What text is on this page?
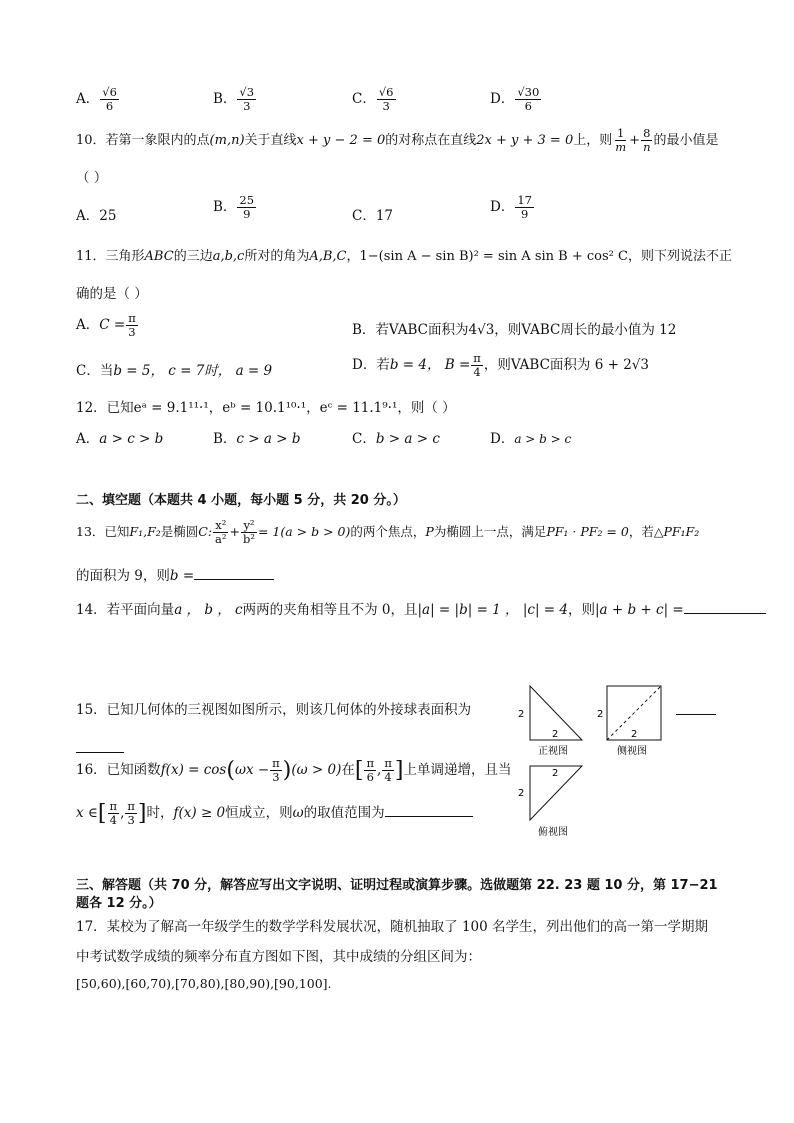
A． $\frac{√6}{6}$	B． $\frac{√3}{3}$	C． $\frac{√6}{3}$	D． $\frac{√30}{6}$
10．若第一象限内的点(m,n)关于直线x + y − 2 = 0的对称点在直线2x + y + 3 = 0上，则 $\frac{1}{m} + \frac{8}{n}$ 的最小值是
（ ）
A．25
B． $\frac{25}{9}$	C．17
D． $\frac{17}{9}$
11．三角形ABC的三边a,b,c所对的角为A,B,C，1−(sin A − sin B)² = sin A sin B + cos² C，则下列说法不正
确的是（ ）
A．$C = \frac{\pi}{3}$	B．若VABC面积为4√3，则VABC周长的最小值为 12
C．当b = 5， c = 7时， a = 9	D．若b = 4， $B = \frac{\pi}{4}$ ，则VABC面积为 6 + 2√3
12．已知eᵃ = 9.1¹¹·¹，eᵇ = 10.1¹⁰·¹，eᶜ = 11.1⁹·¹，则（ ）
A．a > c > b	B．c > a > b	C．b > a > c	D．a > b > c
二、填空题（本题共 4 小题，每小题 5 分，共 20 分。）
13．已知F₁,F₂是椭圆C: $\frac{\text{x²}}{\text{a²}} + \frac{\text{y²}}{\text{b²}} = 1(a > b > 0)$的两个焦点，P为椭圆上一点，满足PF₁ · PF₂ = 0，若△PF₁F₂
的面积为 9，则b =
14．若平面向量a ， b ， c两两的夹角相等且不为 0，且|a| = |b| = 1 ， |c| = 4，则|a + b + c| =
15．已知几何体的三视图如图所示，则该几何体的外接球表面积为
16．已知函数$f(x) = \cos(\omega x - \frac{\pi}{3} )(\omega > 0)$在[ $\frac{\pi}{6}$ , $\frac{\pi}{4}$ ]上单调递增，且当
x ∈[ $\frac{\pi}{4}$ , $\frac{\pi}{3}$ ]时，f(x) ≥ 0恒成立，则ω的取值范围为
2
2
正视图
2
2
侧视图
2
2
俯视图
三、解答题（共 70 分，解答应写出文字说明、证明过程或演算步骤。选做题第 22. 23 题 10 分，第 17−21
题各 12 分。）
17．某校为了解高一年级学生的数学学科发展状况，随机抽取了 100 名学生，列出他们的高一第一学期期
中考试数学成绩的频率分布直方图如下图，其中成绩的分组区间为：
[50,60),[60,70),[70,80),[80,90),[90,100].
